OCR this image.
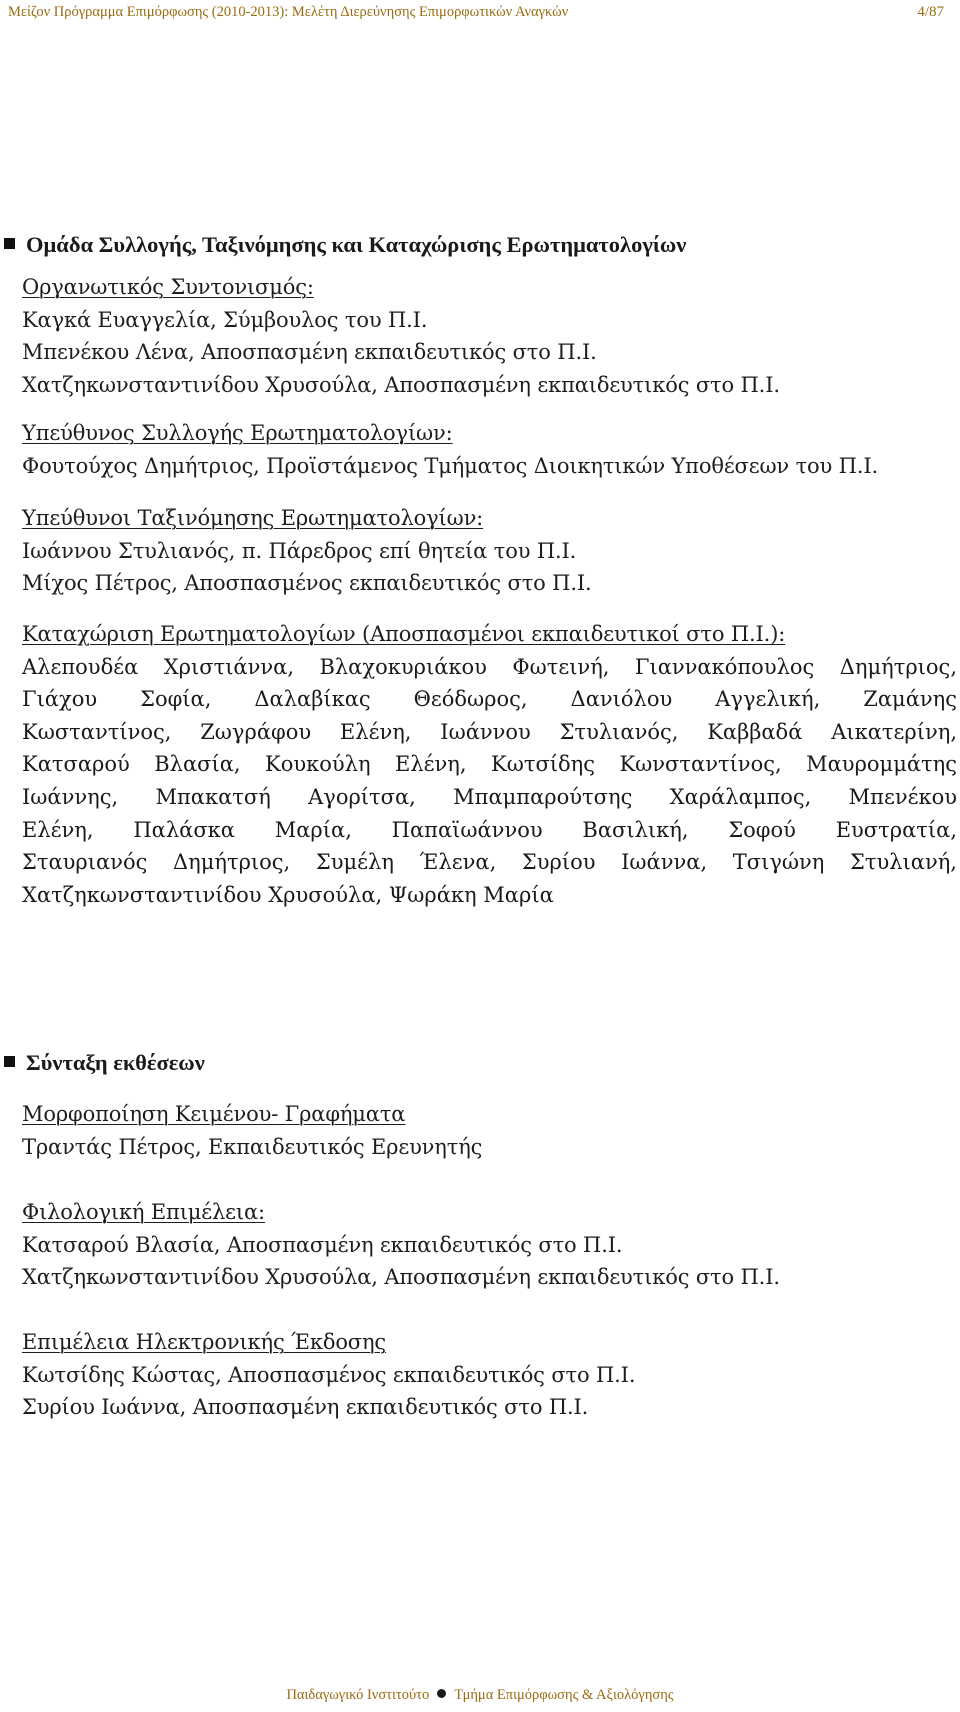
Μείζον Πρόγραμμα Επιμόρφωσης (2010-2013): Μελέτη Διερεύνησης Επιμορφωτικών Αναγκών	4/87
Ομάδα Συλλογής, Ταξινόμησης και Καταχώρισης Ερωτηματολογίων
Οργανωτικός Συντονισμός:
Καγκά Ευαγγελία, Σύμβουλος του Π.Ι.
Μπενέκου Λένα, Αποσπασμένη εκπαιδευτικός στο Π.Ι.
Χατζηκωνσταντινίδου Χρυσούλα, Αποσπασμένη εκπαιδευτικός στο Π.Ι.
Υπεύθυνος Συλλογής Ερωτηματολογίων:
Φουτούχος Δημήτριος, Προϊστάμενος Τμήματος Διοικητικών Υποθέσεων του Π.Ι.
Υπεύθυνοι Ταξινόμησης Ερωτηματολογίων:
Ιωάννου Στυλιανός, π. Πάρεδρος επί θητεία του Π.Ι.
Μίχος Πέτρος, Αποσπασμένος εκπαιδευτικός στο Π.Ι.
Καταχώριση Ερωτηματολογίων (Αποσπασμένοι εκπαιδευτικοί στο Π.Ι.):
Αλεπουδέα Χριστιάννα, Βλαχοκυριάκου Φωτεινή, Γιαννακόπουλος Δημήτριος,
Γιάχου Σοφία, Δαλαβίκας Θεόδωρος, Δανιόλου Αγγελική, Ζαμάνης
Κωσταντίνος, Ζωγράφου Ελένη, Ιωάννου Στυλιανός, Καββαδά Αικατερίνη,
Κατσαρού Βλασία, Κουκούλη Ελένη, Κωτσίδης Κωνσταντίνος, Μαυρομμάτης
Ιωάννης, Μπακατσή Αγορίτσα, Μπαμπαρούτσης Χαράλαμπος, Μπενέκου
Ελένη, Παλάσκα Μαρία, Παπαϊωάννου Βασιλική, Σοφού Ευστρατία,
Σταυριανός Δημήτριος, Συμέλη Έλενα, Συρίου Ιωάννα, Τσιγώνη Στυλιανή,
Χατζηκωνσταντινίδου Χρυσούλα, Ψωράκη Μαρία
Σύνταξη εκθέσεων
Μορφοποίηση Κειμένου- Γραφήματα
Τραντάς Πέτρος, Εκπαιδευτικός Ερευνητής
Φιλολογική Επιμέλεια:
Κατσαρού Βλασία, Αποσπασμένη εκπαιδευτικός στο Π.Ι.
Χατζηκωνσταντινίδου Χρυσούλα, Αποσπασμένη εκπαιδευτικός στο Π.Ι.
Επιμέλεια Ηλεκτρονικής Έκδοσης
Κωτσίδης Κώστας, Αποσπασμένος εκπαιδευτικός στο Π.Ι.
Συρίου Ιωάννα, Αποσπασμένη εκπαιδευτικός στο Π.Ι.
Παιδαγωγικό Ινστιτούτο Τμήμα Επιμόρφωσης & Αξιολόγησης
